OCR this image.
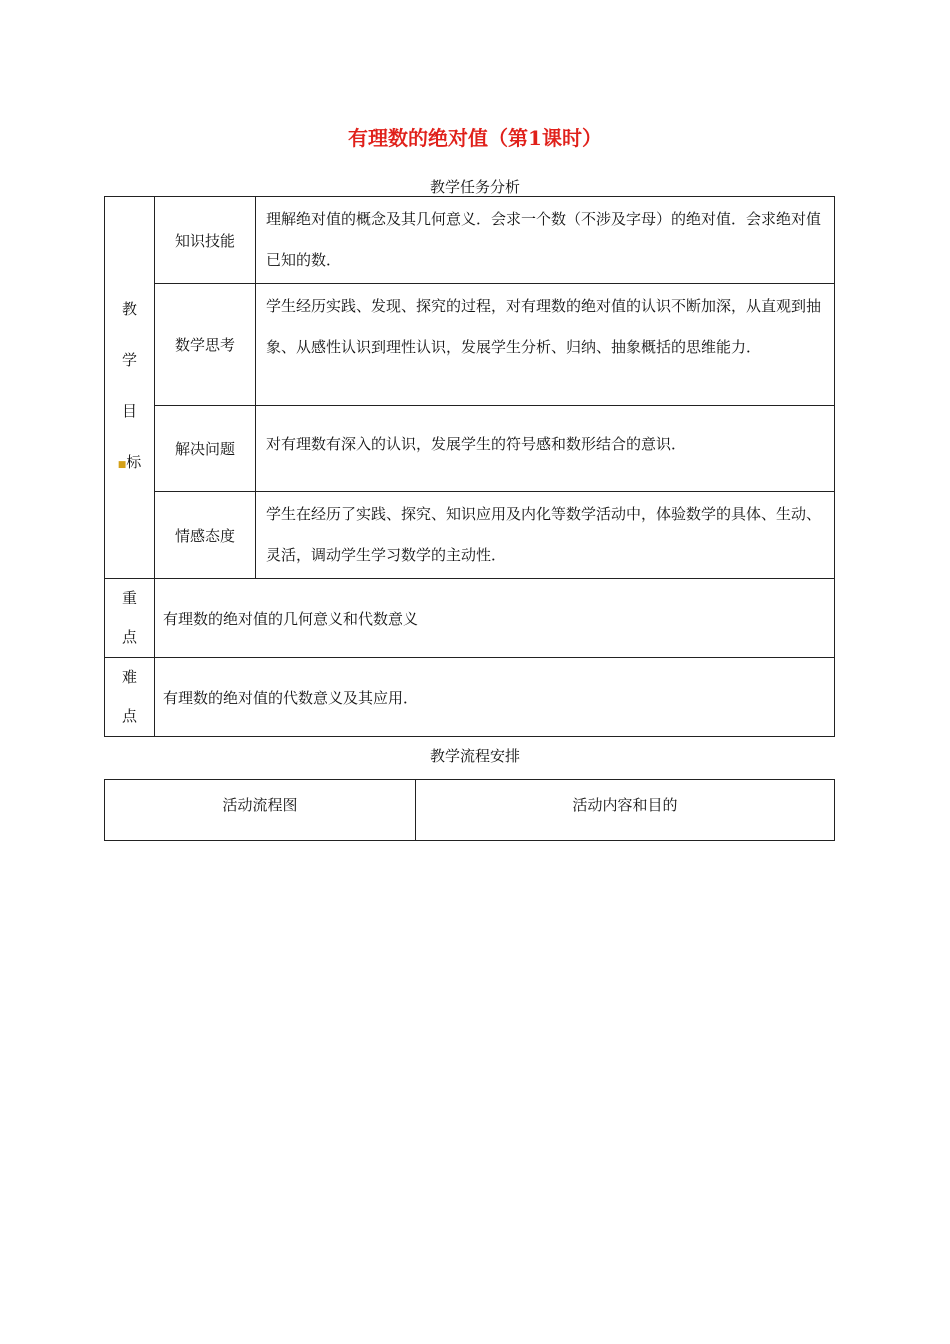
有理数的绝对值（第1课时）
教学任务分析
教
学
目
■标	知识技能	理解绝对值的概念及其几何意义．会求一个数（不涉及字母）的绝对值．会求绝对值已知的数．
	数学思考	学生经历实践、发现、探究的过程，对有理数的绝对值的认识不断加深，从直观到抽象、从感性认识到理性认识，发展学生分析、归纳、抽象概括的思维能力．
	解决问题	对有理数有深入的认识，发展学生的符号感和数形结合的意识．
	情感态度	学生在经历了实践、探究、知识应用及内化等数学活动中，体验数学的具体、生动、灵活，调动学生学习数学的主动性．

重
点	有理数的绝对值的几何意义和代数意义	

难
点	有理数的绝对值的代数意义及其应用．	
教学流程安排
活动流程图	活动内容和目的
